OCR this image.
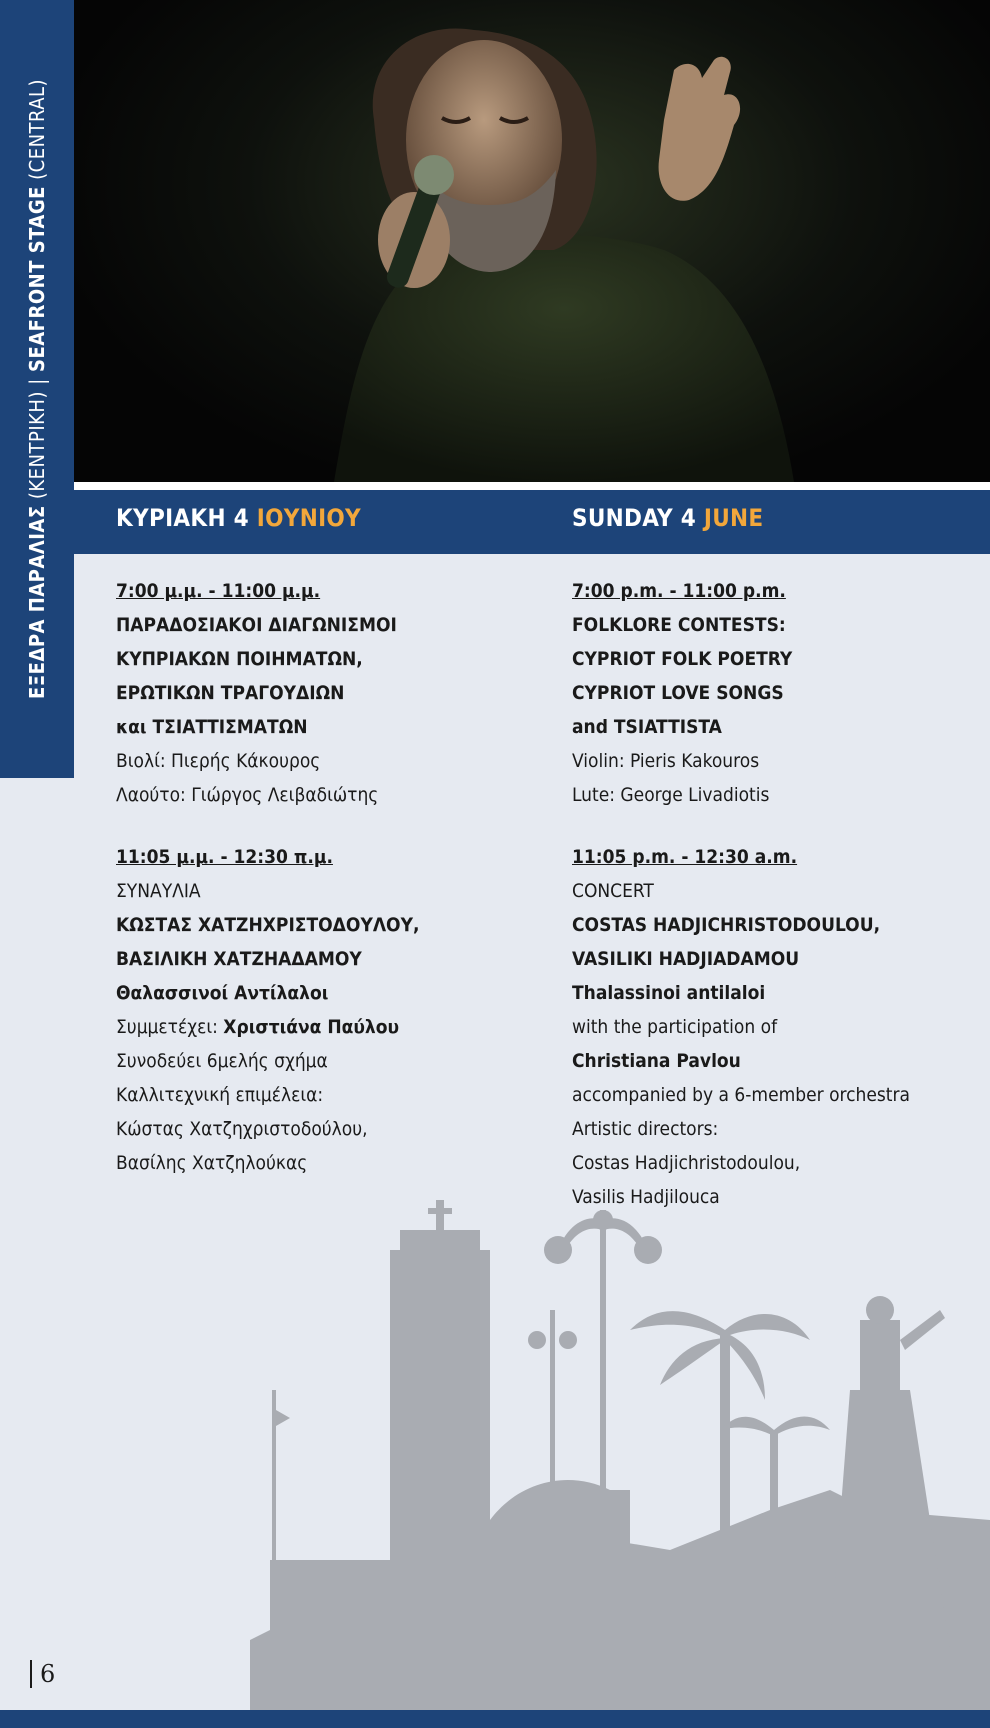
ΕΞΕΔΡΑ ΠΑΡΑΛΙΑΣ (ΚΕΝΤΡΙΚΗ) | SEAFRONT STAGE (CENTRAL)
ΚΥΡΙΑΚΗ 4 ΙΟΥΝΙΟΥ	SUNDAY 4 JUNE
7:00 μ.μ. - 11:00 μ.μ.
ΠΑΡΑΔΟΣΙΑΚΟΙ ΔΙΑΓΩΝΙΣΜΟΙ
ΚΥΠΡΙΑΚΩΝ ΠΟΙΗΜΑΤΩΝ,
ΕΡΩΤΙΚΩΝ ΤΡΑΓΟΥΔΙΩΝ
και ΤΣΙΑΤΤΙΣΜΑΤΩΝ
Βιολί: Πιερής Κάκουρος
Λαούτο: Γιώργος Λειβαδιώτης
11:05 μ.μ. - 12:30 π.μ.
ΣΥΝΑΥΛΙΑ
ΚΩΣΤΑΣ ΧΑΤΖΗΧΡΙΣΤΟΔΟΥΛΟΥ,
ΒΑΣΙΛΙΚΗ ΧΑΤΖΗΑΔΑΜΟΥ
Θαλασσινοί Αντίλαλοι
Συμμετέχει: Χριστιάνα Παύλου
Συνοδεύει 6μελής σχήμα
Καλλιτεχνική επιμέλεια:
Κώστας Χατζηχριστοδούλου,
Βασίλης Χατζηλούκας
7:00 p.m. - 11:00 p.m.
FOLKLORE CONTESTS:
CYPRIOT FOLK POETRY
CYPRIOT LOVE SONGS
and TSIATTISTA
Violin: Pieris Kakouros
Lute: George Livadiotis
11:05 p.m. - 12:30 a.m.
CONCERT
COSTAS HADJICHRISTODOULOU,
VASILIKI HADJIADAMOU
Thalassinoi antilaloi
with the participation of
Christiana Pavlou
accompanied by a 6-member orchestra
Artistic directors:
Costas Hadjichristodoulou,
Vasilis Hadjilouca
6
